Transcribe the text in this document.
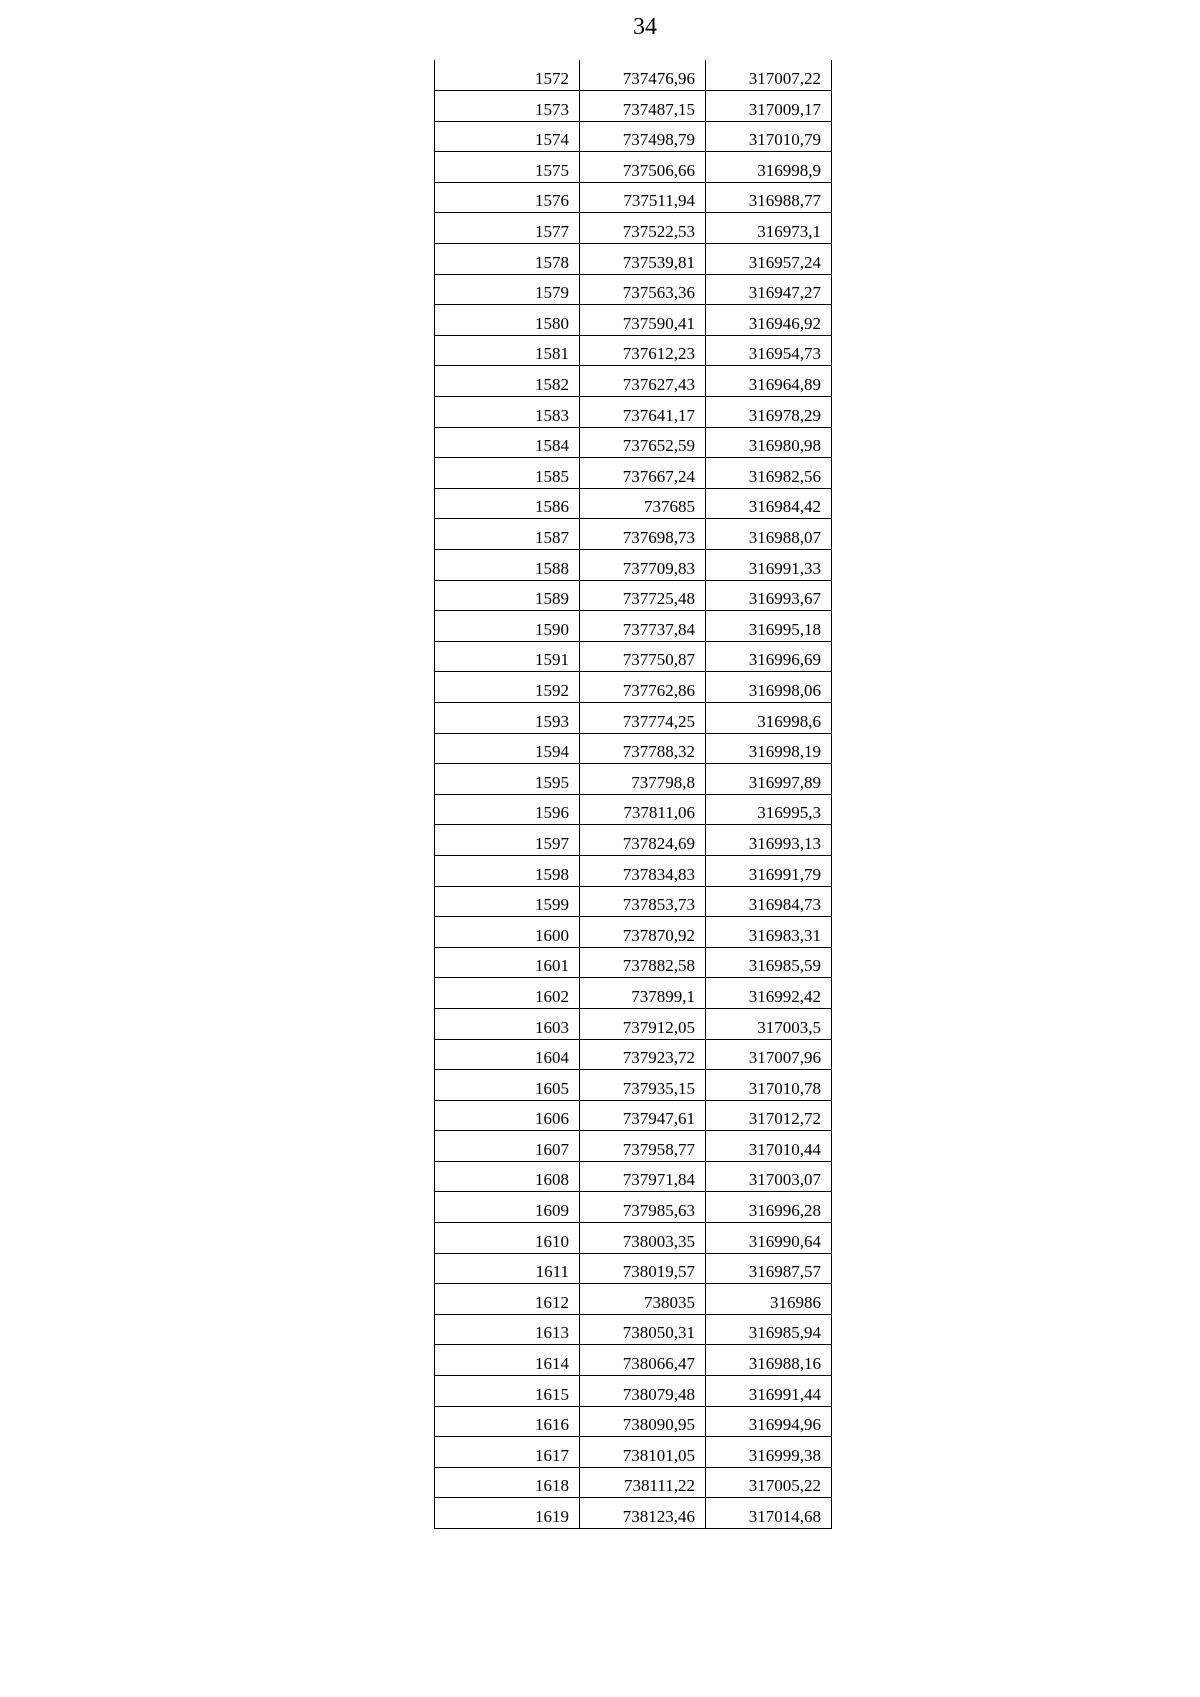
34
1572	737476,96	317007,22
1573	737487,15	317009,17
1574	737498,79	317010,79
1575	737506,66	316998,9
1576	737511,94	316988,77
1577	737522,53	316973,1
1578	737539,81	316957,24
1579	737563,36	316947,27
1580	737590,41	316946,92
1581	737612,23	316954,73
1582	737627,43	316964,89
1583	737641,17	316978,29
1584	737652,59	316980,98
1585	737667,24	316982,56
1586	737685	316984,42
1587	737698,73	316988,07
1588	737709,83	316991,33
1589	737725,48	316993,67
1590	737737,84	316995,18
1591	737750,87	316996,69
1592	737762,86	316998,06
1593	737774,25	316998,6
1594	737788,32	316998,19
1595	737798,8	316997,89
1596	737811,06	316995,3
1597	737824,69	316993,13
1598	737834,83	316991,79
1599	737853,73	316984,73
1600	737870,92	316983,31
1601	737882,58	316985,59
1602	737899,1	316992,42
1603	737912,05	317003,5
1604	737923,72	317007,96
1605	737935,15	317010,78
1606	737947,61	317012,72
1607	737958,77	317010,44
1608	737971,84	317003,07
1609	737985,63	316996,28
1610	738003,35	316990,64
1611	738019,57	316987,57
1612	738035	316986
1613	738050,31	316985,94
1614	738066,47	316988,16
1615	738079,48	316991,44
1616	738090,95	316994,96
1617	738101,05	316999,38
1618	738111,22	317005,22
1619	738123,46	317014,68
